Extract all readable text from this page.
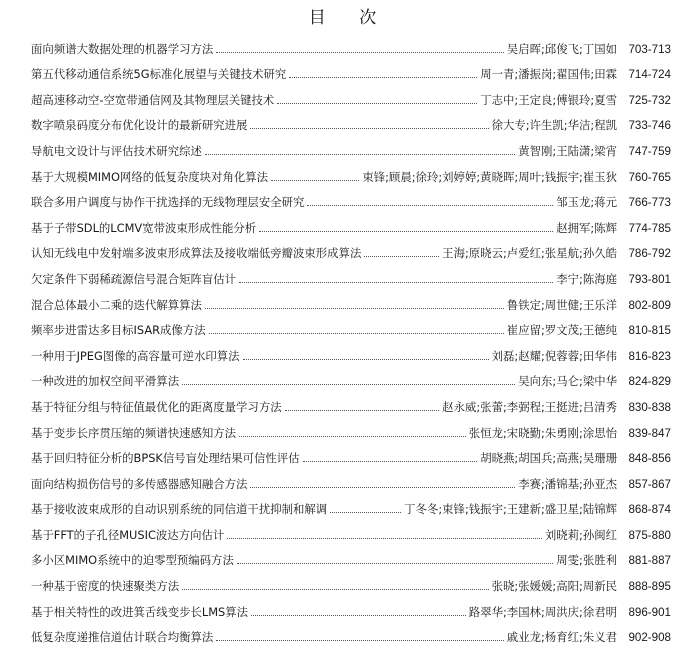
目 次
面向频谱大数据处理的机器学习方法	吴启晖;邱俊飞;丁国如 703-713
第五代移动通信系统5G标准化展望与关键技术研究	周一青;潘振岗;翟国伟;田霖 714-724
超高速移动空-空宽带通信网及其物理层关键技术	丁志中;王定良;傅银玲;夏雪 725-732
数字喷泉码度分布优化设计的最新研究进展	徐大专;许生凯;华洁;程凯 733-746
导航电文设计与评估技术研究综述	黄智刚;王陆潇;梁宵 747-759
基于大规模MIMO网络的低复杂度块对角化算法	束锋;顾晨;徐玲;刘婷婷;黄晓晖;周叶;钱振宇;崔玉狄 760-765
联合多用户调度与协作干扰选择的无线物理层安全研究	邹玉龙;蒋元 766-773
基于子带SDL的LCMV宽带波束形成性能分析	赵拥军;陈辉 774-785
认知无线电中发射端多波束形成算法及接收端低旁瓣波束形成算法	王海;原晓云;卢爱红;张星航;孙久皓 786-792
欠定条件下弱稀疏源信号混合矩阵盲估计	李宁;陈海庭 793-801
混合总体最小二乘的迭代解算算法	鲁铁定;周世健;王乐洋 802-809
频率步进雷达多目标ISAR成像方法	崔应留;罗文茂;王德纯 810-815
一种用于JPEG图像的高容量可逆水印算法	刘磊;赵耀;倪蓉蓉;田华伟 816-823
一种改进的加权空间平滑算法	吴向东;马仑;梁中华 824-829
基于特征分组与特征值最优化的距离度量学习方法	赵永威;张蕾;李弼程;王挺进;吕清秀 830-838
基于变步长序贯压缩的频谱快速感知方法	张恒龙;宋晓勤;朱勇刚;涂思怡 839-847
基于回归特征分析的BPSK信号盲处理结果可信性评估	胡晓燕;胡国兵;高燕;吴珊珊 848-856
面向结构损伤信号的多传感器感知融合方法	李赛;潘锦基;孙亚杰 857-867
基于接收波束成形的自动识别系统的同信道干扰抑制和解调	丁冬冬;束锋;钱振宇;王建新;盛卫星;陆锦辉 868-874
基于FFT的子孔径MUSIC波达方向估计	刘晓莉;孙闽红 875-880
多小区MIMO系统中的迫零型预编码方法	周雯;张胜利 881-887
一种基于密度的快速聚类方法	张晓;张媛媛;高阳;周新民 888-895
基于相关特性的改进箕舌线变步长LMS算法	路翠华;李国林;周洪庆;徐君明 896-901
低复杂度递推信道估计联合均衡算法	戚业龙;杨育红;朱义君 902-908
